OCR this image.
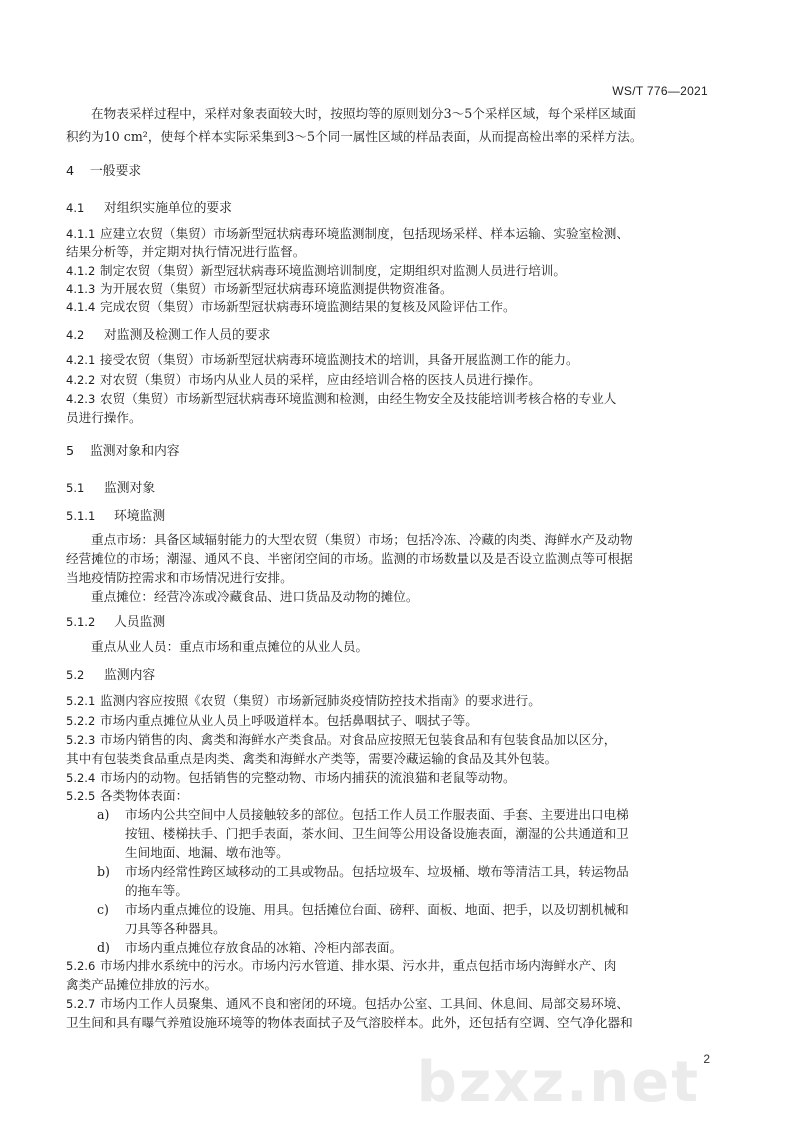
WS/T 776—2021
在物表采样过程中，采样对象表面较大时，按照均等的原则划分3～5个采样区域，每个采样区域面
积约为10 cm²，使每个样本实际采集到3～5个同一属性区域的样品表面，从而提高检出率的采样方法。
4 一般要求
4.1 对组织实施单位的要求
4.1.1 应建立农贸（集贸）市场新型冠状病毒环境监测制度，包括现场采样、样本运输、实验室检测、
结果分析等，并定期对执行情况进行监督。
4.1.2 制定农贸（集贸）新型冠状病毒环境监测培训制度，定期组织对监测人员进行培训。
4.1.3 为开展农贸（集贸）市场新型冠状病毒环境监测提供物资准备。
4.1.4 完成农贸（集贸）市场新型冠状病毒环境监测结果的复核及风险评估工作。
4.2 对监测及检测工作人员的要求
4.2.1 接受农贸（集贸）市场新型冠状病毒环境监测技术的培训，具备开展监测工作的能力。
4.2.2 对农贸（集贸）市场内从业人员的采样，应由经培训合格的医技人员进行操作。
4.2.3 农贸（集贸）市场新型冠状病毒环境监测和检测，由经生物安全及技能培训考核合格的专业人
员进行操作。
5 监测对象和内容
5.1 监测对象
5.1.1 环境监测
重点市场：具备区域辐射能力的大型农贸（集贸）市场；包括冷冻、冷藏的肉类、海鲜水产及动物
经营摊位的市场；潮湿、通风不良、半密闭空间的市场。监测的市场数量以及是否设立监测点等可根据
当地疫情防控需求和市场情况进行安排。
重点摊位：经营冷冻或冷藏食品、进口货品及动物的摊位。
5.1.2 人员监测
重点从业人员：重点市场和重点摊位的从业人员。
5.2 监测内容
5.2.1 监测内容应按照《农贸（集贸）市场新冠肺炎疫情防控技术指南》的要求进行。
5.2.2 市场内重点摊位从业人员上呼吸道样本。包括鼻咽拭子、咽拭子等。
5.2.3 市场内销售的肉、禽类和海鲜水产类食品。对食品应按照无包装食品和有包装食品加以区分，
其中有包装类食品重点是肉类、禽类和海鲜水产类等，需要冷藏运输的食品及其外包装。
5.2.4 市场内的动物。包括销售的完整动物、市场内捕获的流浪猫和老鼠等动物。
5.2.5 各类物体表面：
a) 市场内公共空间中人员接触较多的部位。包括工作人员工作服表面、手套、主要进出口电梯
按钮、楼梯扶手、门把手表面，茶水间、卫生间等公用设备设施表面，潮湿的公共通道和卫
生间地面、地漏、墩布池等。
b) 市场内经常性跨区域移动的工具或物品。包括垃圾车、垃圾桶、墩布等清洁工具，转运物品
的拖车等。
c) 市场内重点摊位的设施、用具。包括摊位台面、磅秤、面板、地面、把手，以及切割机械和
刀具等各种器具。
d) 市场内重点摊位存放食品的冰箱、冷柜内部表面。
5.2.6 市场内排水系统中的污水。市场内污水管道、排水渠、污水井，重点包括市场内海鲜水产、肉
禽类产品摊位排放的污水。
5.2.7 市场内工作人员聚集、通风不良和密闭的环境。包括办公室、工具间、休息间、局部交易环境、
卫生间和具有曝气养殖设施环境等的物体表面拭子及气溶胶样本。此外，还包括有空调、空气净化器和
bzxz.net 2
